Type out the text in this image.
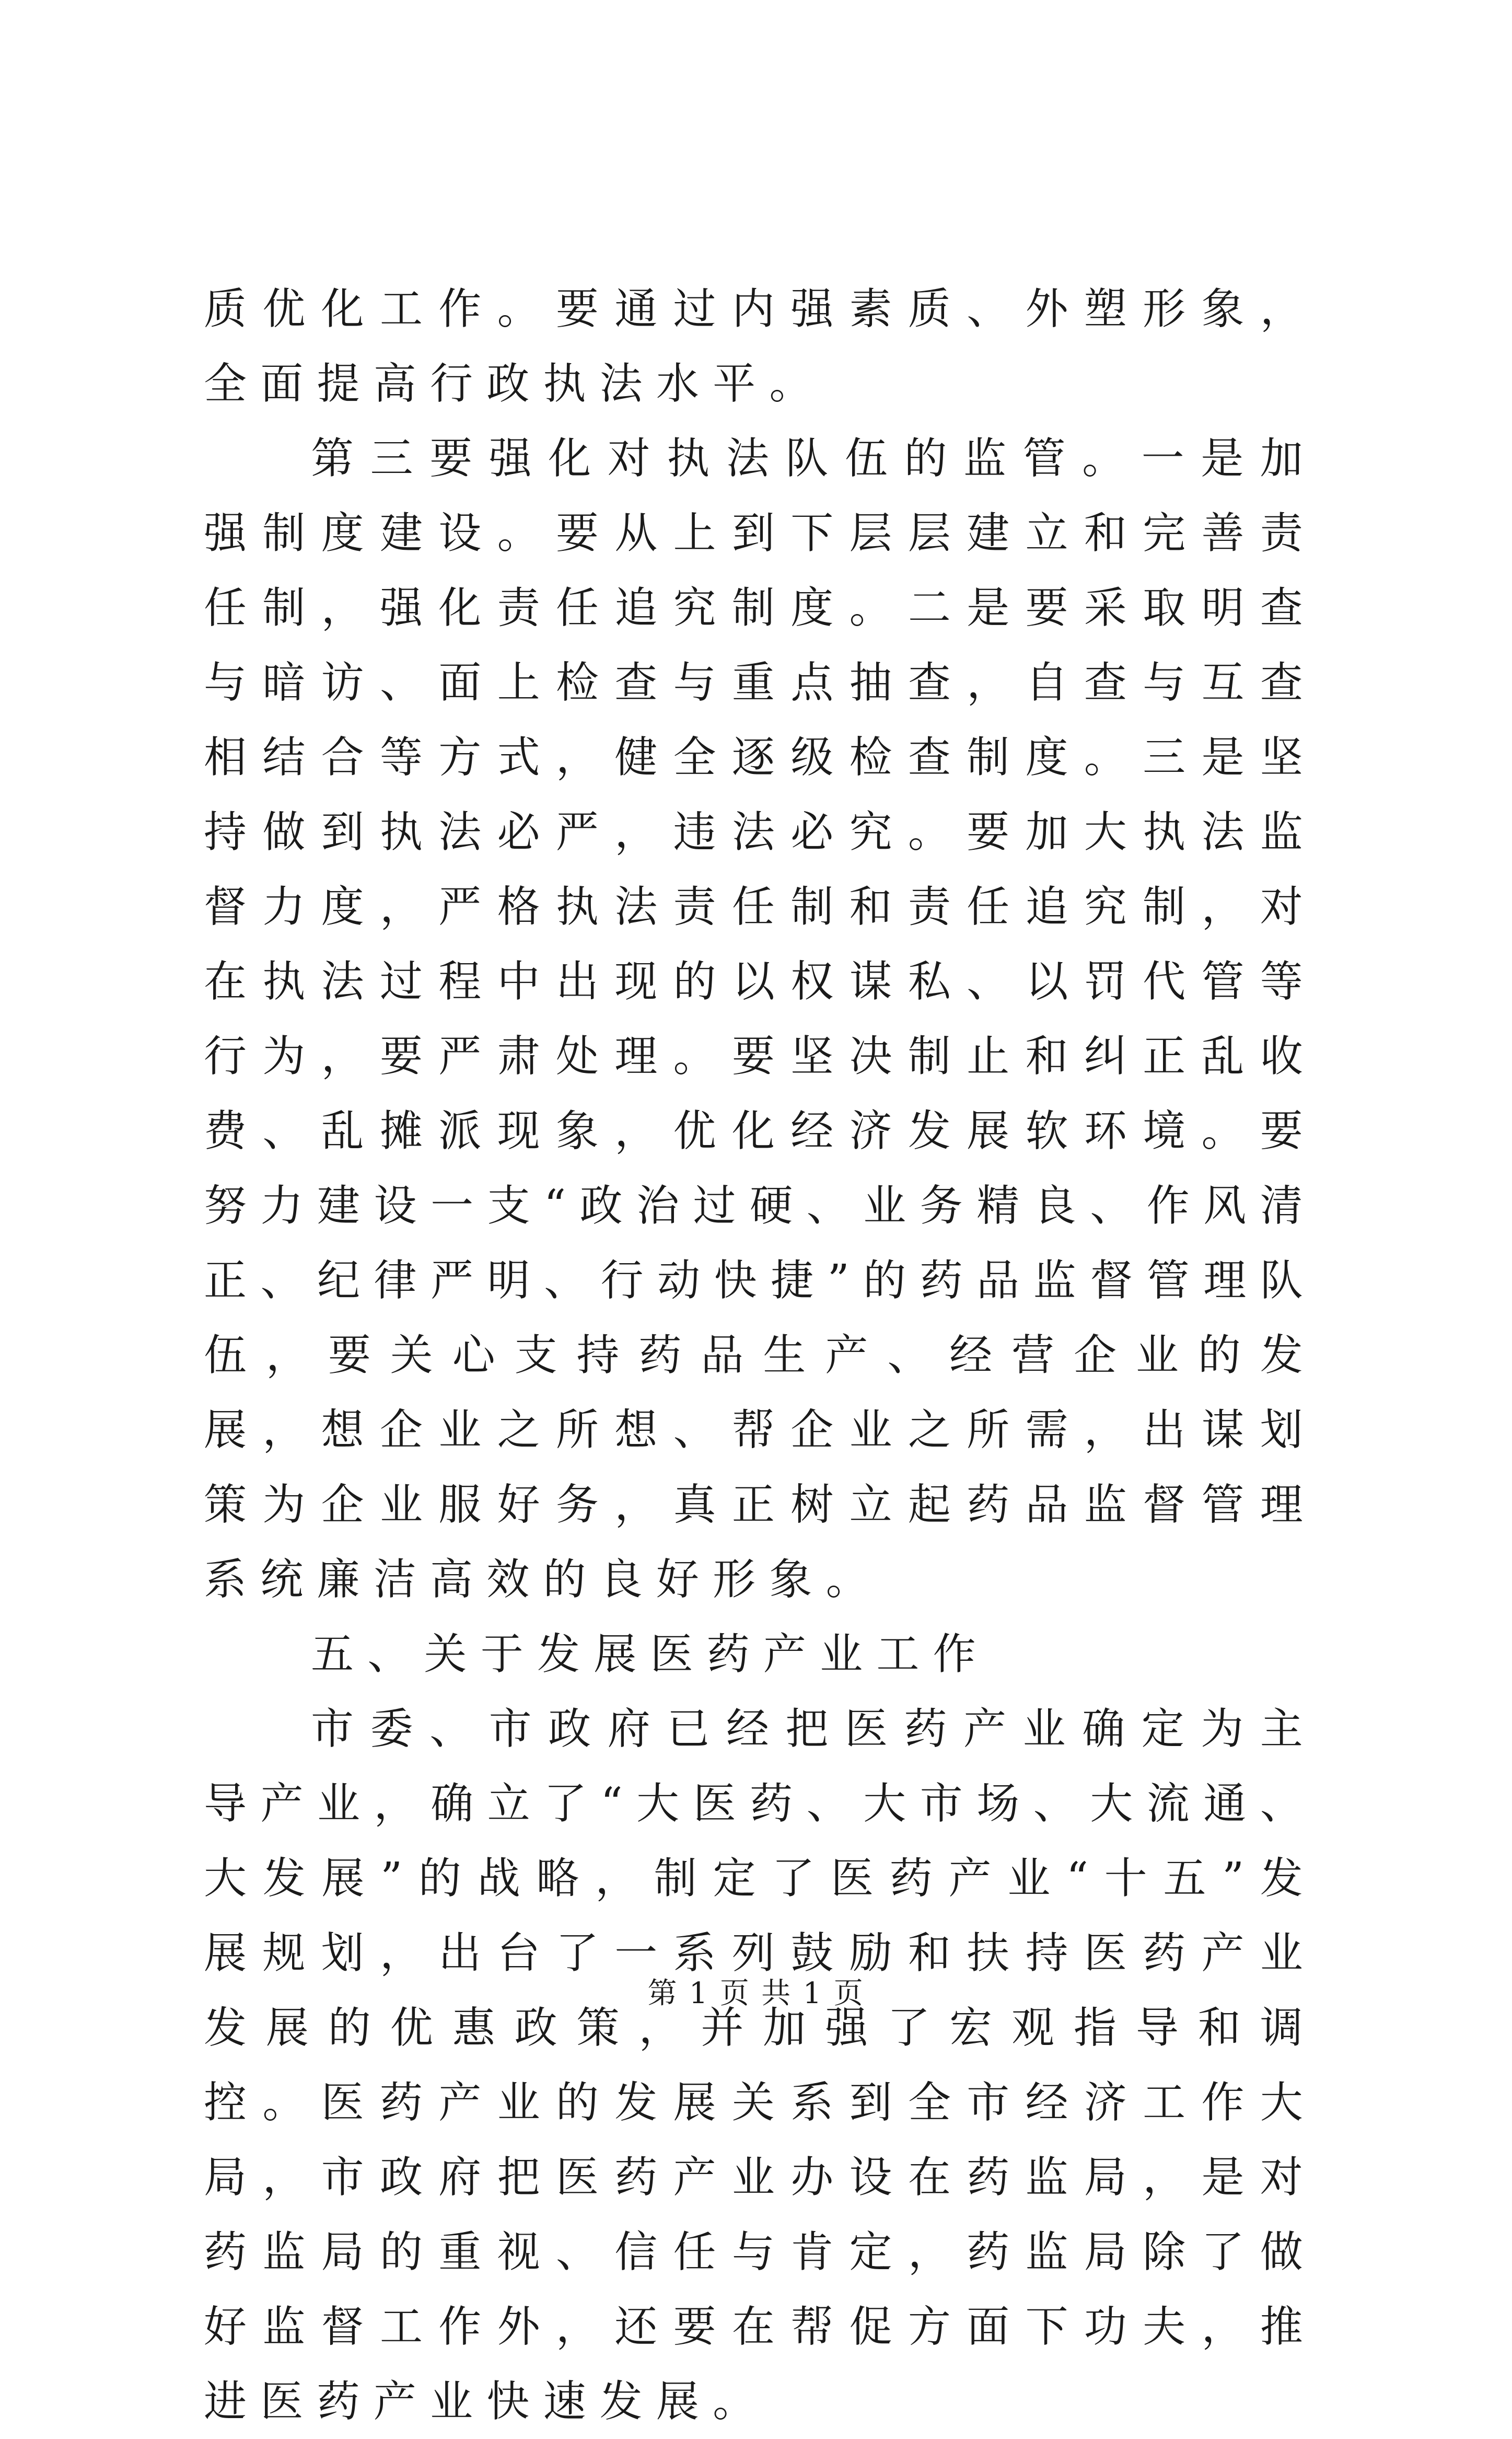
质优化工作。要通过内强素质、外塑形象，全面提高行政执法水平。

第三要强化对执法队伍的监管。一是加强制度建设。要从上到下层层建立和完善责任制，强化责任追究制度。二是要采取明查与暗访、面上检查与重点抽查，自查与互查相结合等方式，健全逐级检查制度。三是坚持做到执法必严，违法必究。要加大执法监督力度，严格执法责任制和责任追究制，对在执法过程中出现的以权谋私、以罚代管等行为，要严肃处理。要坚决制止和纠正乱收费、乱摊派现象，优化经济发展软环境。要努力建设一支“政治过硬、业务精良、作风清正、纪律严明、行动快捷”的药品监督管理队伍，要关心支持药品生产、经营企业的发展，想企业之所想、帮企业之所需，出谋划策为企业服好务，真正树立起药品监督管理系统廉洁高效的良好形象。

五、关于发展医药产业工作

市委、市政府已经把医药产业确定为主导产业，确立了“大医药、大市场、大流通、大发展”的战略，制定了医药产业“十五”发展规划，出台了一系列鼓励和扶持医药产业发展的优惠政策，并加强了宏观指导和调控。医药产业的发展关系到全市经济工作大局，市政府把医药产业办设在药监局，是对药监局的重视、信任与肯定，药监局除了做好监督工作外，还要在帮促方面下功夫，推进医药产业快速发展。

第 1 页 共 1 页
